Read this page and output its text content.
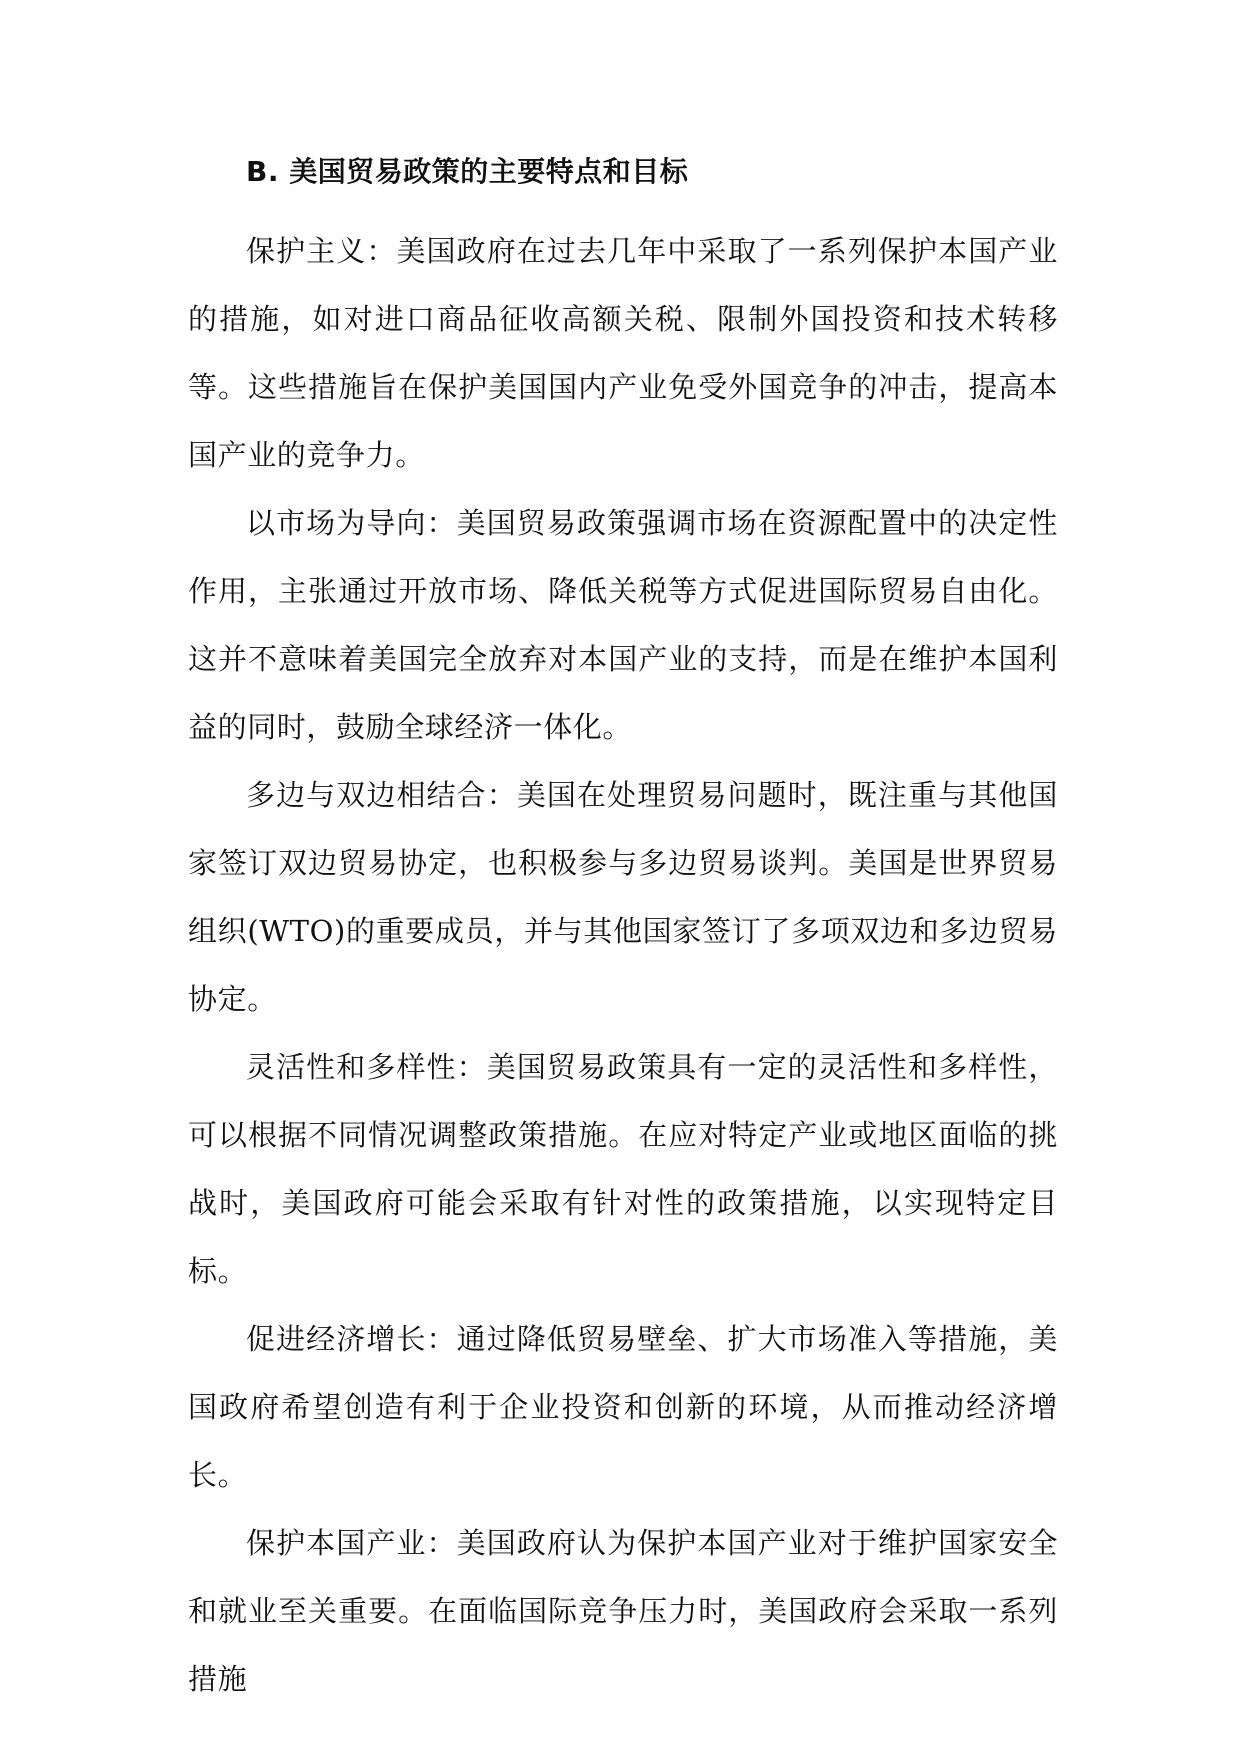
B. 美国贸易政策的主要特点和目标

保护主义：美国政府在过去几年中采取了一系列保护本国产业的措施，如对进口商品征收高额关税、限制外国投资和技术转移等。这些措施旨在保护美国国内产业免受外国竞争的冲击，提高本国产业的竞争力。

以市场为导向：美国贸易政策强调市场在资源配置中的决定性作用，主张通过开放市场、降低关税等方式促进国际贸易自由化。这并不意味着美国完全放弃对本国产业的支持，而是在维护本国利益的同时，鼓励全球经济一体化。

多边与双边相结合：美国在处理贸易问题时，既注重与其他国家签订双边贸易协定，也积极参与多边贸易谈判。美国是世界贸易组织(WTO)的重要成员，并与其他国家签订了多项双边和多边贸易协定。

灵活性和多样性：美国贸易政策具有一定的灵活性和多样性，可以根据不同情况调整政策措施。在应对特定产业或地区面临的挑战时，美国政府可能会采取有针对性的政策措施，以实现特定目标。

促进经济增长：通过降低贸易壁垒、扩大市场准入等措施，美国政府希望创造有利于企业投资和创新的环境，从而推动经济增长。

保护本国产业：美国政府认为保护本国产业对于维护国家安全和就业至关重要。在面临国际竞争压力时，美国政府会采取一系列措施
